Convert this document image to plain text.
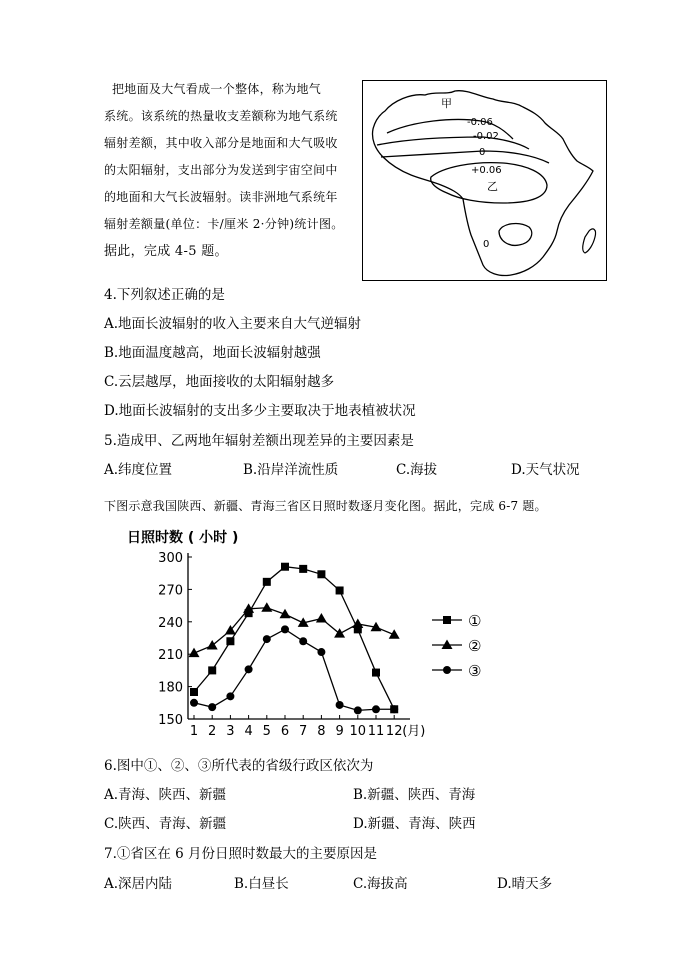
把地面及大气看成一个整体，称为地气
系统。该系统的热量收支差额称为地气系统
辐射差额，其中收入部分是地面和大气吸收
的太阳辐射，支出部分为发送到宇宙空间中
的地面和大气长波辐射。读非洲地气系统年
辐射差额量(单位：卡/厘米 2·分钟)统计图。
据此，完成 4-5 题。
甲
-0.06
-0.02
0
+0.06
乙
0
4.下列叙述正确的是
A.地面长波辐射的收入主要来自大气逆辐射
B.地面温度越高，地面长波辐射越强
C.云层越厚，地面接收的太阳辐射越多
D.地面长波辐射的支出多少主要取决于地表植被状况
5.造成甲、乙两地年辐射差额出现差异的主要因素是
A.纬度位置	B.沿岸洋流性质	C.海拔	D.天气状况
下图示意我国陕西、新疆、青海三省区日照时数逐月变化图。据此，完成 6-7 题。
日照时数 ( 小时 )
150
180
210
240
270
300
1 2 3 4 5 6 7 8 9 10 11 12 (月)
①
②
③
6.图中①、②、③所代表的省级行政区依次为
A.青海、陕西、新疆	B.新疆、陕西、青海
C.陕西、青海、新疆	D.新疆、青海、陕西
7.①省区在 6 月份日照时数最大的主要原因是
A.深居内陆	B.白昼长	C.海拔高	D.晴天多
